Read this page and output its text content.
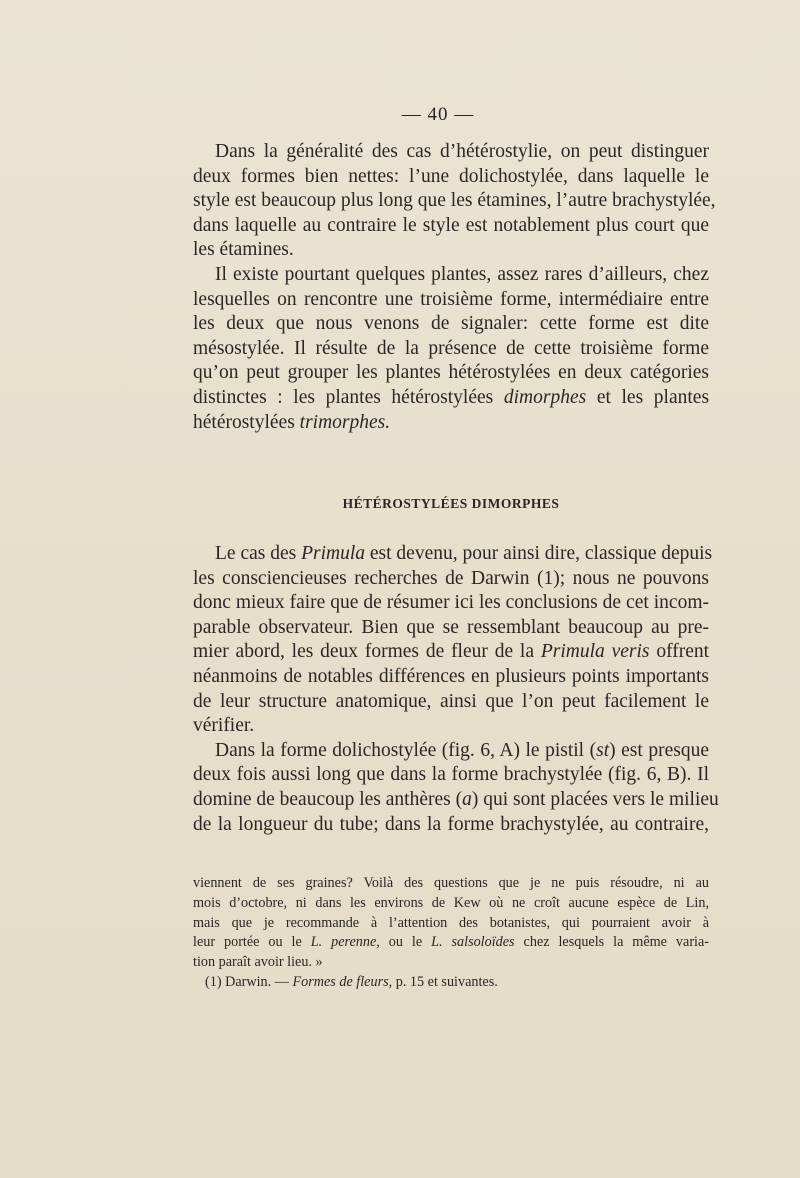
— 40 —
Dans la généralité des cas d’hétérostylie, on peut distinguer
deux formes bien nettes: l’une dolichostylée, dans laquelle le
style est beaucoup plus long que les étamines, l’autre brachystylée,
dans laquelle au contraire le style est notablement plus court que
les étamines.
Il existe pourtant quelques plantes, assez rares d’ailleurs, chez
lesquelles on rencontre une troisième forme, intermédiaire entre
les deux que nous venons de signaler: cette forme est dite
mésostylée. Il résulte de la présence de cette troisième forme
qu’on peut grouper les plantes hétérostylées en deux catégories
distinctes : les plantes hétérostylées dimorphes et les plantes
hétérostylées trimorphes.
HÉTÉROSTYLÉES DIMORPHES
Le cas des Primula est devenu, pour ainsi dire, classique depuis
les consciencieuses recherches de Darwin (1); nous ne pouvons
donc mieux faire que de résumer ici les conclusions de cet incom-
parable observateur. Bien que se ressemblant beaucoup au pre-
mier abord, les deux formes de fleur de la Primula veris offrent
néanmoins de notables différences en plusieurs points importants
de leur structure anatomique, ainsi que l’on peut facilement le
vérifier.
Dans la forme dolichostylée (fig. 6, A) le pistil (st) est presque
deux fois aussi long que dans la forme brachystylée (fig. 6, B). Il
domine de beaucoup les anthères (a) qui sont placées vers le milieu
de la longueur du tube; dans la forme brachystylée, au contraire,
viennent de ses graines? Voilà des questions que je ne puis résoudre, ni au
mois d’octobre, ni dans les environs de Kew où ne croît aucune espèce de Lin,
mais que je recommande à l’attention des botanistes, qui pourraient avoir à
leur portée ou le L. perenne, ou le L. salsoloïdes chez lesquels la même varia-
tion paraît avoir lieu. »
(1) Darwin. — Formes de fleurs, p. 15 et suivantes.
